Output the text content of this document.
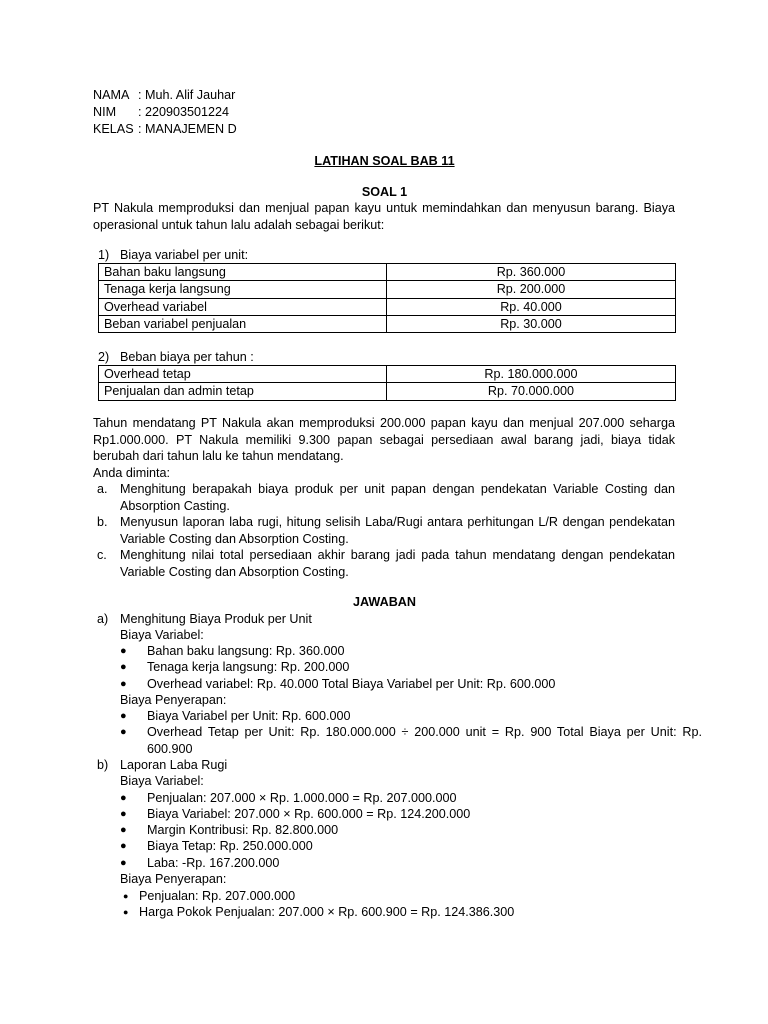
NAMA : Muh. Alif Jauhar
NIM : 220903501224
KELAS : MANAJEMEN D
LATIHAN SOAL BAB 11
SOAL 1
PT Nakula memproduksi dan menjual papan kayu untuk memindahkan dan menyusun barang. Biaya operasional untuk tahun lalu adalah sebagai berikut:
1) Biaya variabel per unit:
Bahan baku langsung	Rp. 360.000
Tenaga kerja langsung	Rp. 200.000
Overhead variabel	Rp. 40.000
Beban variabel penjualan	Rp. 30.000
2) Beban biaya per tahun :
Overhead tetap	Rp. 180.000.000
Penjualan dan admin tetap	Rp. 70.000.000
Tahun mendatang PT Nakula akan memproduksi 200.000 papan kayu dan menjual 207.000 seharga Rp1.000.000. PT Nakula memiliki 9.300 papan sebagai persediaan awal barang jadi, biaya tidak berubah dari tahun lalu ke tahun mendatang.
Anda diminta:
a. Menghitung berapakah biaya produk per unit papan dengan pendekatan Variable Costing dan Absorption Casting.
b. Menyusun laporan laba rugi, hitung selisih Laba/Rugi antara perhitungan L/R dengan pendekatan Variable Costing dan Absorption Costing.
c. Menghitung nilai total persediaan akhir barang jadi pada tahun mendatang dengan pendekatan Variable Costing dan Absorption Costing.
JAWABAN
a) Menghitung Biaya Produk per Unit
Biaya Variabel:
● Bahan baku langsung: Rp. 360.000
● Tenaga kerja langsung: Rp. 200.000
● Overhead variabel: Rp. 40.000 Total Biaya Variabel per Unit: Rp. 600.000
Biaya Penyerapan:
● Biaya Variabel per Unit: Rp. 600.000
● Overhead Tetap per Unit: Rp. 180.000.000 ÷ 200.000 unit = Rp. 900 Total Biaya per Unit: Rp. 600.900
b) Laporan Laba Rugi
Biaya Variabel:
● Penjualan: 207.000 × Rp. 1.000.000 = Rp. 207.000.000
● Biaya Variabel: 207.000 × Rp. 600.000 = Rp. 124.200.000
● Margin Kontribusi: Rp. 82.800.000
● Biaya Tetap: Rp. 250.000.000
● Laba: -Rp. 167.200.000
Biaya Penyerapan:
● Penjualan: Rp. 207.000.000
● Harga Pokok Penjualan: 207.000 × Rp. 600.900 = Rp. 124.386.300
